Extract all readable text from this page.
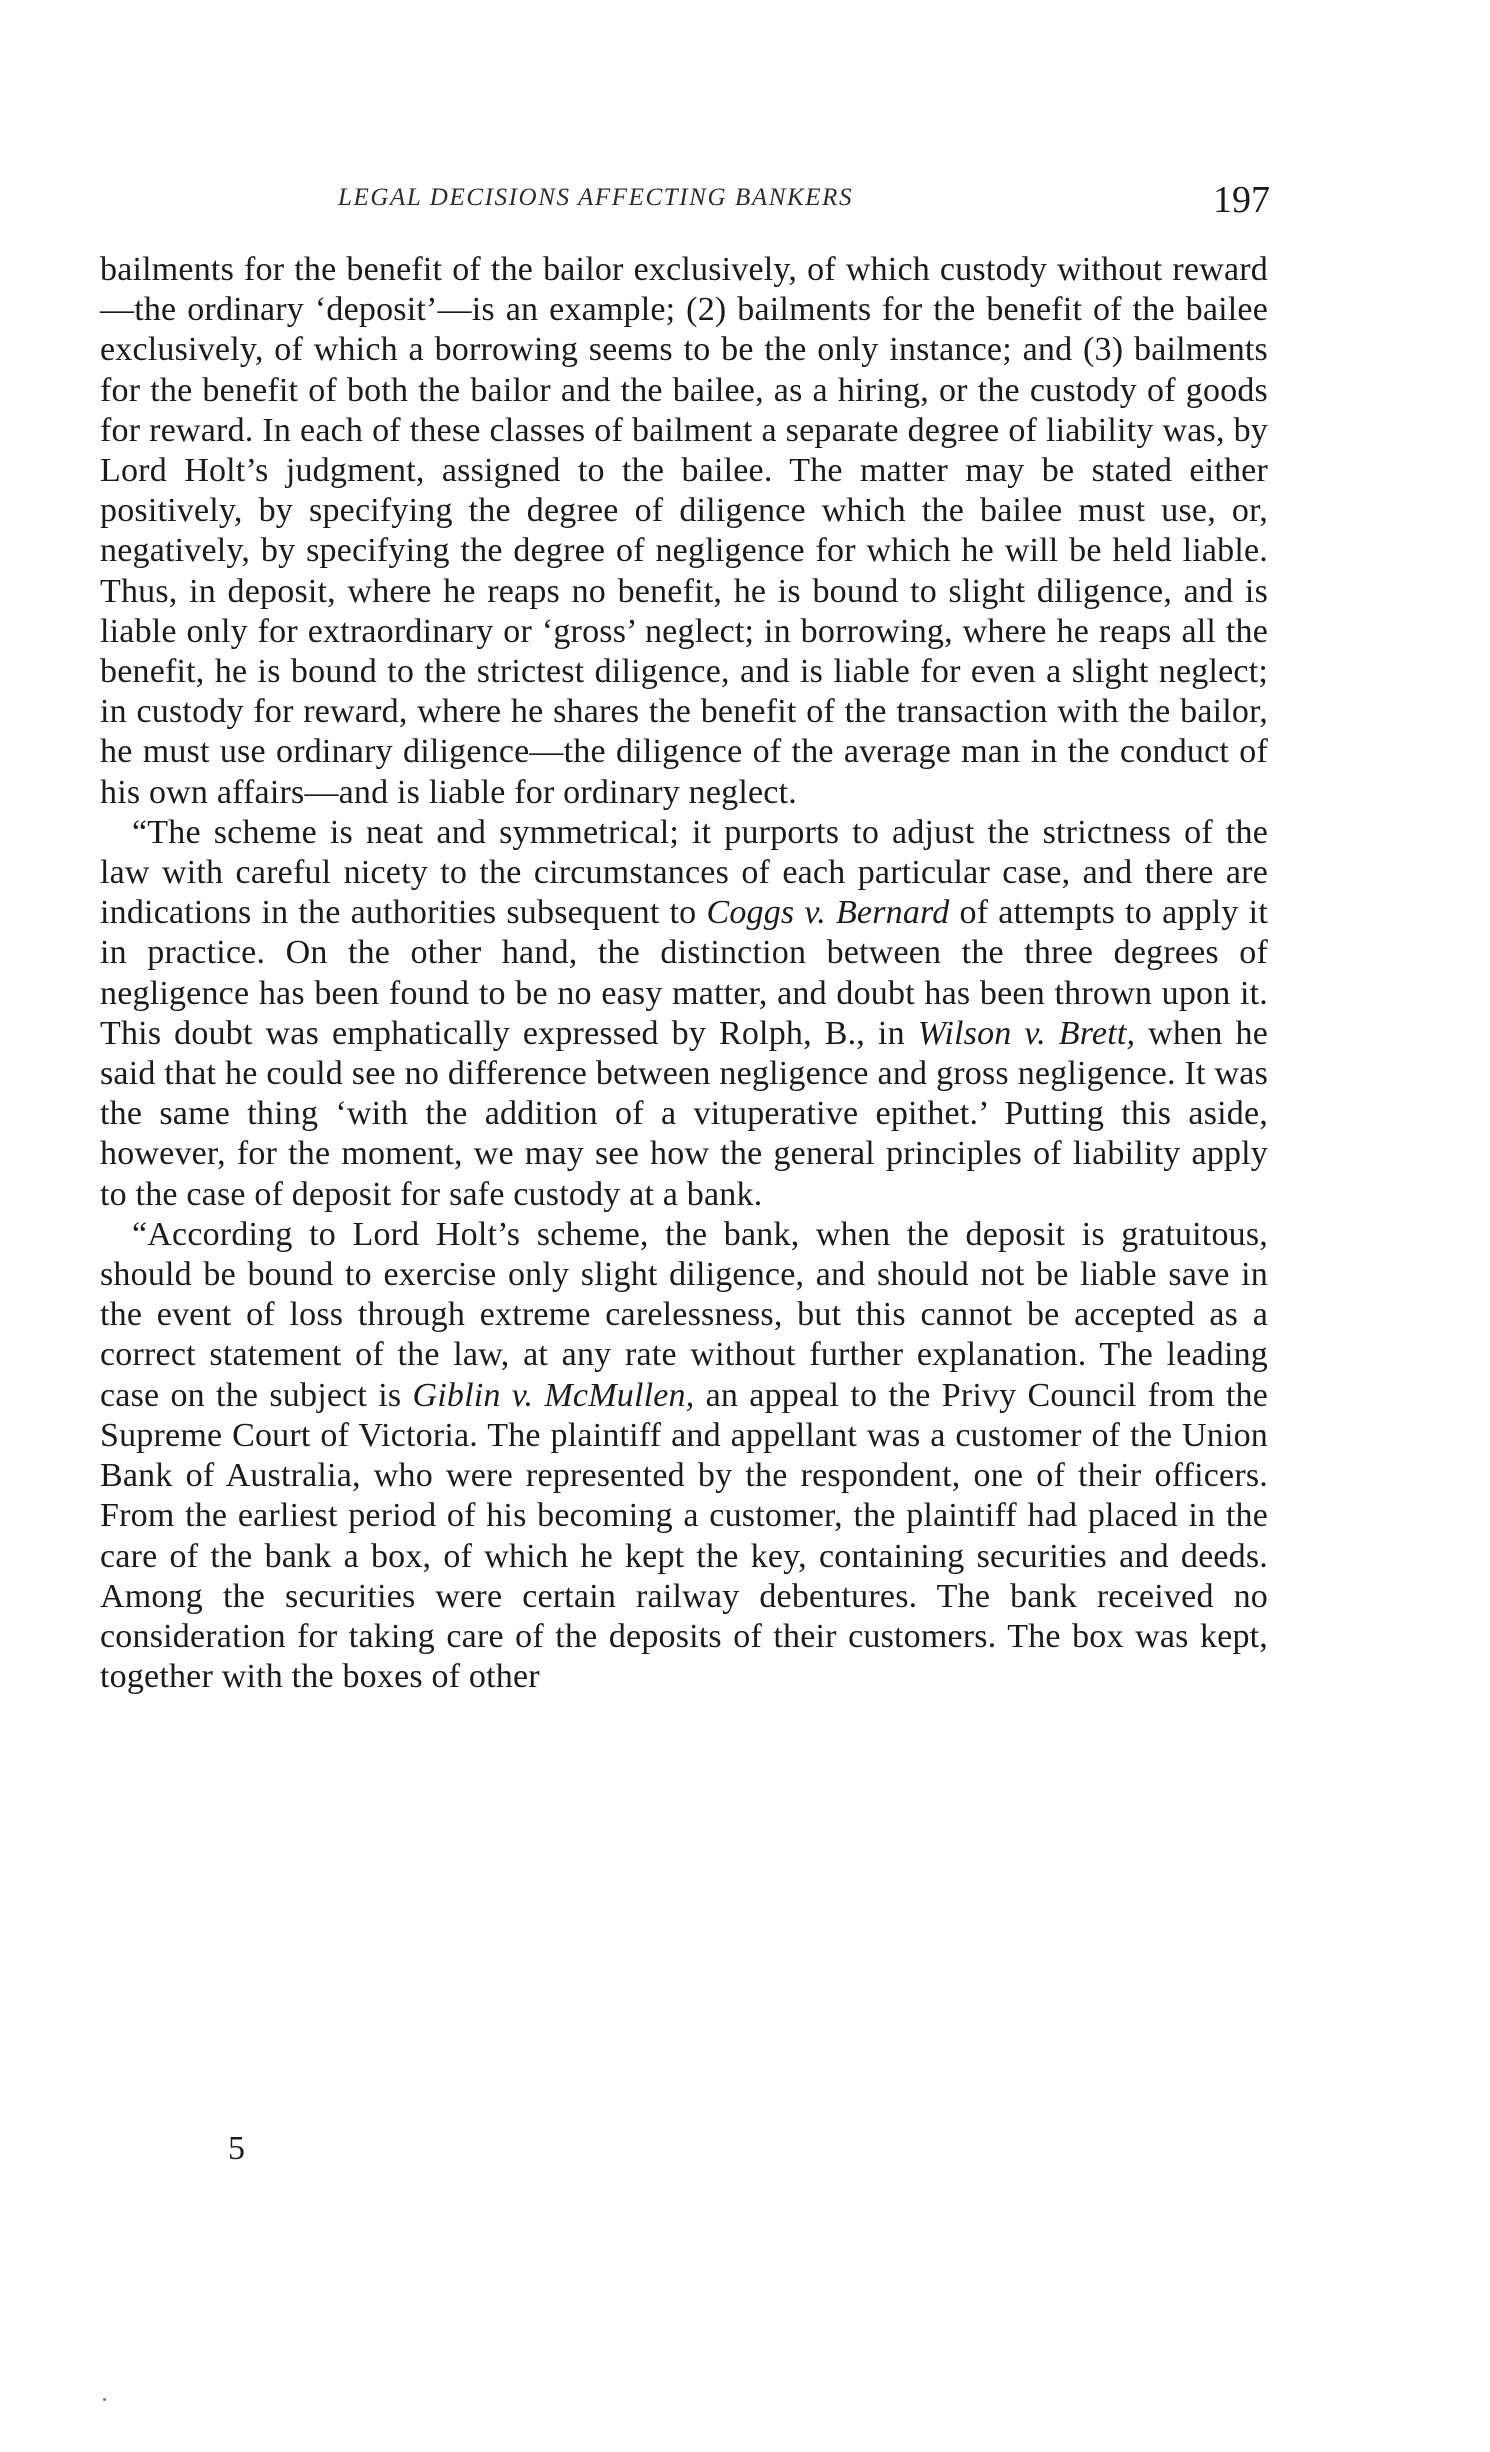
LEGAL DECISIONS AFFECTING BANKERS	197

bailments for the benefit of the bailor exclusively, of which custody without reward—the ordinary ‘deposit’—is an example; (2) bailments for the benefit of the bailee exclusively, of which a borrowing seems to be the only instance; and (3) bailments for the benefit of both the bailor and the bailee, as a hiring, or the custody of goods for reward. In each of these classes of bailment a separate degree of liability was, by Lord Holt’s judgment, assigned to the bailee. The matter may be stated either positively, by specifying the degree of diligence which the bailee must use, or, negatively, by specifying the degree of negligence for which he will be held liable. Thus, in deposit, where he reaps no benefit, he is bound to slight diligence, and is liable only for extraordinary or ‘gross’ neglect; in borrowing, where he reaps all the benefit, he is bound to the strictest diligence, and is liable for even a slight neglect; in custody for reward, where he shares the benefit of the transaction with the bailor, he must use ordinary diligence—the diligence of the average man in the conduct of his own affairs—and is liable for ordinary neglect.

“The scheme is neat and symmetrical; it purports to adjust the strictness of the law with careful nicety to the circumstances of each particular case, and there are indications in the authorities subsequent to Coggs v. Bernard of attempts to apply it in practice. On the other hand, the distinction between the three degrees of negligence has been found to be no easy matter, and doubt has been thrown upon it. This doubt was emphatically expressed by Rolph, B., in Wilson v. Brett, when he said that he could see no difference between negligence and gross negligence. It was the same thing ‘with the addition of a vituperative epithet.’ Putting this aside, however, for the moment, we may see how the general principles of liability apply to the case of deposit for safe custody at a bank.

“According to Lord Holt’s scheme, the bank, when the deposit is gratuitous, should be bound to exercise only slight diligence, and should not be liable save in the event of loss through extreme carelessness, but this cannot be accepted as a correct statement of the law, at any rate without further explanation. The leading case on the subject is Giblin v. McMullen, an appeal to the Privy Council from the Supreme Court of Victoria. The plaintiff and appellant was a customer of the Union Bank of Australia, who were represented by the respondent, one of their officers. From the earliest period of his becoming a customer, the plaintiff had placed in the care of the bank a box, of which he kept the key, containing securities and deeds. Among the securities were certain railway debentures. The bank received no consideration for taking care of the deposits of their customers. The box was kept, together with the boxes of other

5
